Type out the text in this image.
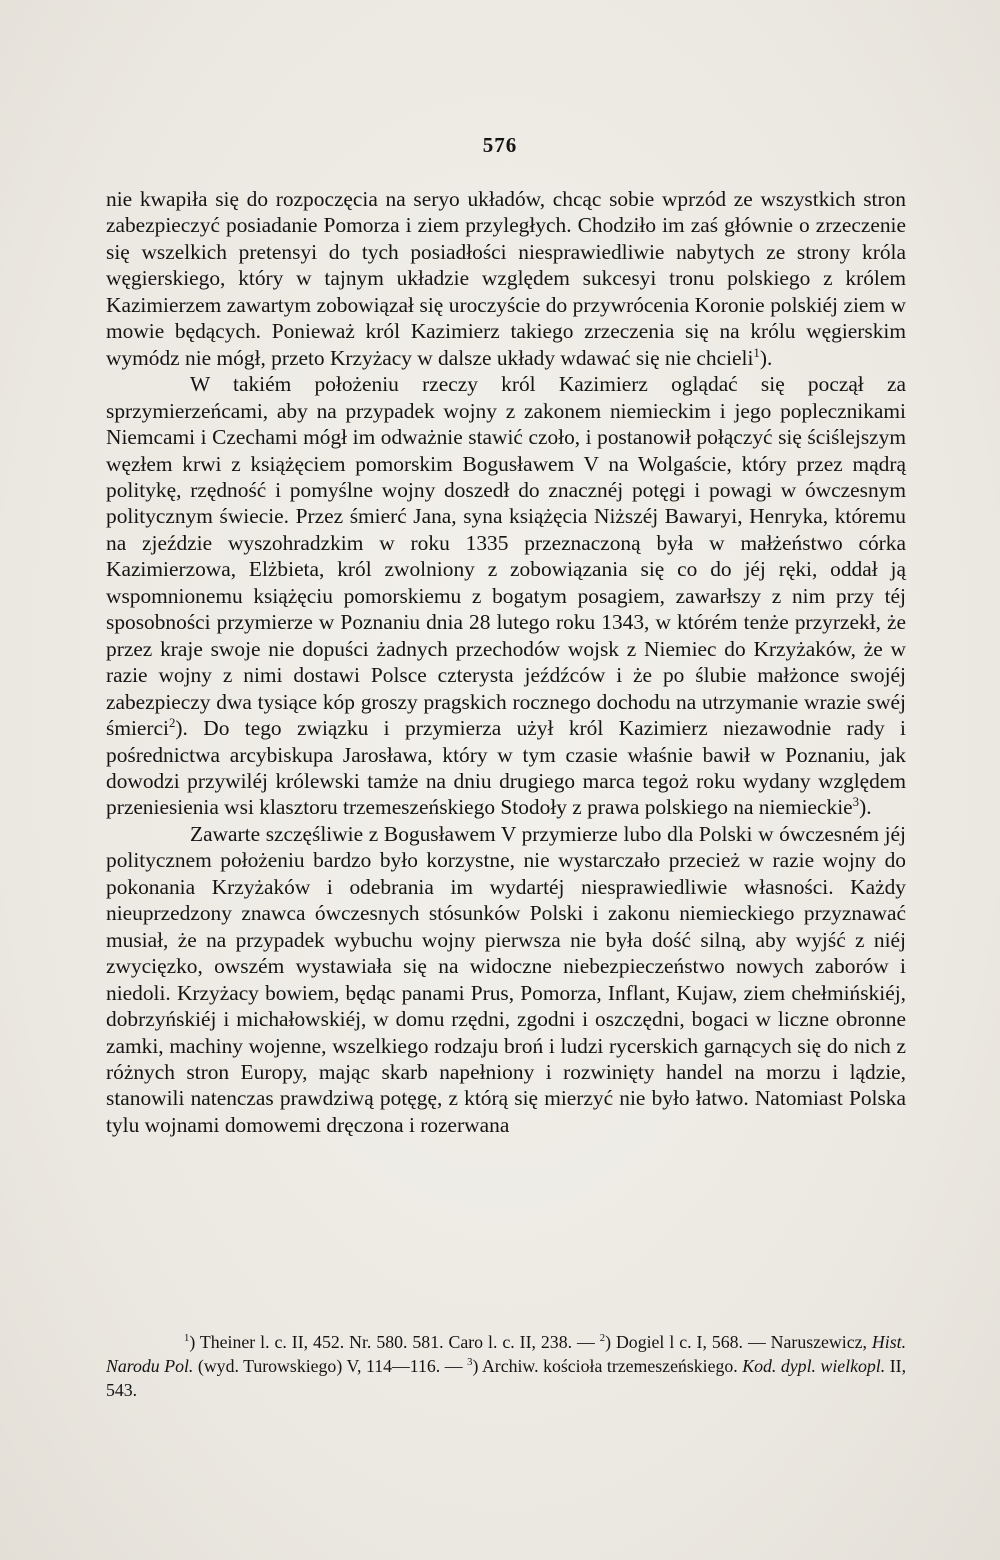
576

nie kwapiła się do rozpoczęcia na seryo układów, chcąc sobie wprzód ze wszystkich stron zabezpieczyć posiadanie Pomorza i ziem przyległych. Chodziło im zaś głównie o zrzeczenie się wszelkich pretensyi do tych posiadłości niesprawiedliwie nabytych ze strony króla węgierskiego, który w tajnym układzie względem sukcesyi tronu polskiego z królem Kazimierzem zawartym zobowiązał się uroczyście do przywrócenia Koronie polskiéj ziem w mowie będących. Ponieważ król Kazimierz takiego zrzeczenia się na królu węgierskim wymódz nie mógł, przeto Krzyżacy w dalsze układy wdawać się nie chcieli$^1$).

W takiém położeniu rzeczy król Kazimierz oglądać się począł za sprzymierzeńcami, aby na przypadek wojny z zakonem niemieckim i jego poplecznikami Niemcami i Czechami mógł im odważnie stawić czoło, i postanowił połączyć się ściślejszym węzłem krwi z książęciem pomorskim Bogusławem V na Wolgaście, który przez mądrą politykę, rzędność i pomyślne wojny doszedł do znacznéj potęgi i powagi w ówczesnym politycznym świecie. Przez śmierć Jana, syna książęcia Niższéj Bawaryi, Henryka, któremu na zjeździe wyszohradzkim w roku 1335 przeznaczoną była w małżeństwo córka Kazimierzowa, Elżbieta, król zwolniony z zobowiązania się co do jéj ręki, oddał ją wspomnionemu książęciu pomorskiemu z bogatym posagiem, zawarłszy z nim przy téj sposobności przymierze w Poznaniu dnia 28 lutego roku 1343, w którém tenże przyrzekł, że przez kraje swoje nie dopuści żadnych przechodów wojsk z Niemiec do Krzyżaków, że w razie wojny z nimi dostawi Polsce czterysta jeźdźców i że po ślubie małżonce swojéj zabezpieczy dwa tysiące kóp groszy pragskich rocznego dochodu na utrzymanie wrazie swéj śmierci$^2$). Do tego związku i przymierza użył król Kazimierz niezawodnie rady i pośrednictwa arcybiskupa Jarosława, który w tym czasie właśnie bawił w Poznaniu, jak dowodzi przywiléj królewski tamże na dniu drugiego marca tegoż roku wydany względem przeniesienia wsi klasztoru trzemeszeńskiego Stodoły z prawa polskiego na niemieckie$^3$).

Zawarte szczęśliwie z Bogusławem V przymierze lubo dla Polski w ówczesném jéj politycznem położeniu bardzo było korzystne, nie wystarczało przecież w razie wojny do pokonania Krzyżaków i odebrania im wydartéj niesprawiedliwie własności. Każdy nieuprzedzony znawca ówczesnych stósunków Polski i zakonu niemieckiego przyznawać musiał, że na przypadek wybuchu wojny pierwsza nie była dość silną, aby wyjść z niéj zwycięzko, owszém wystawiała się na widoczne niebezpieczeństwo nowych zaborów i niedoli. Krzyżacy bowiem, będąc panami Prus, Pomorza, Inflant, Kujaw, ziem chełmińskiéj, dobrzyńskiéj i michałowskiéj, w domu rzędni, zgodni i oszczędni, bogaci w liczne obronne zamki, machiny wojenne, wszelkiego rodzaju broń i ludzi rycerskich garnących się do nich z różnych stron Europy, mając skarb napełniony i rozwinięty handel na morzu i lądzie, stanowili natenczas prawdziwą potęgę, z którą się mierzyć nie było łatwo. Natomiast Polska tylu wojnami domowemi dręczona i rozerwana

$^1$) Theiner l. c. II, 452. Nr. 580. 581. Caro l. c. II, 238. — $^2$) Dogiel l c. I, 568. — Naruszewicz, Hist. Narodu Pol. (wyd. Turowskiego) V, 114—116. — $^3$) Archiw. kościoła trzemeszeńskiego. Kod. dypl. wielkopl. II, 543.
